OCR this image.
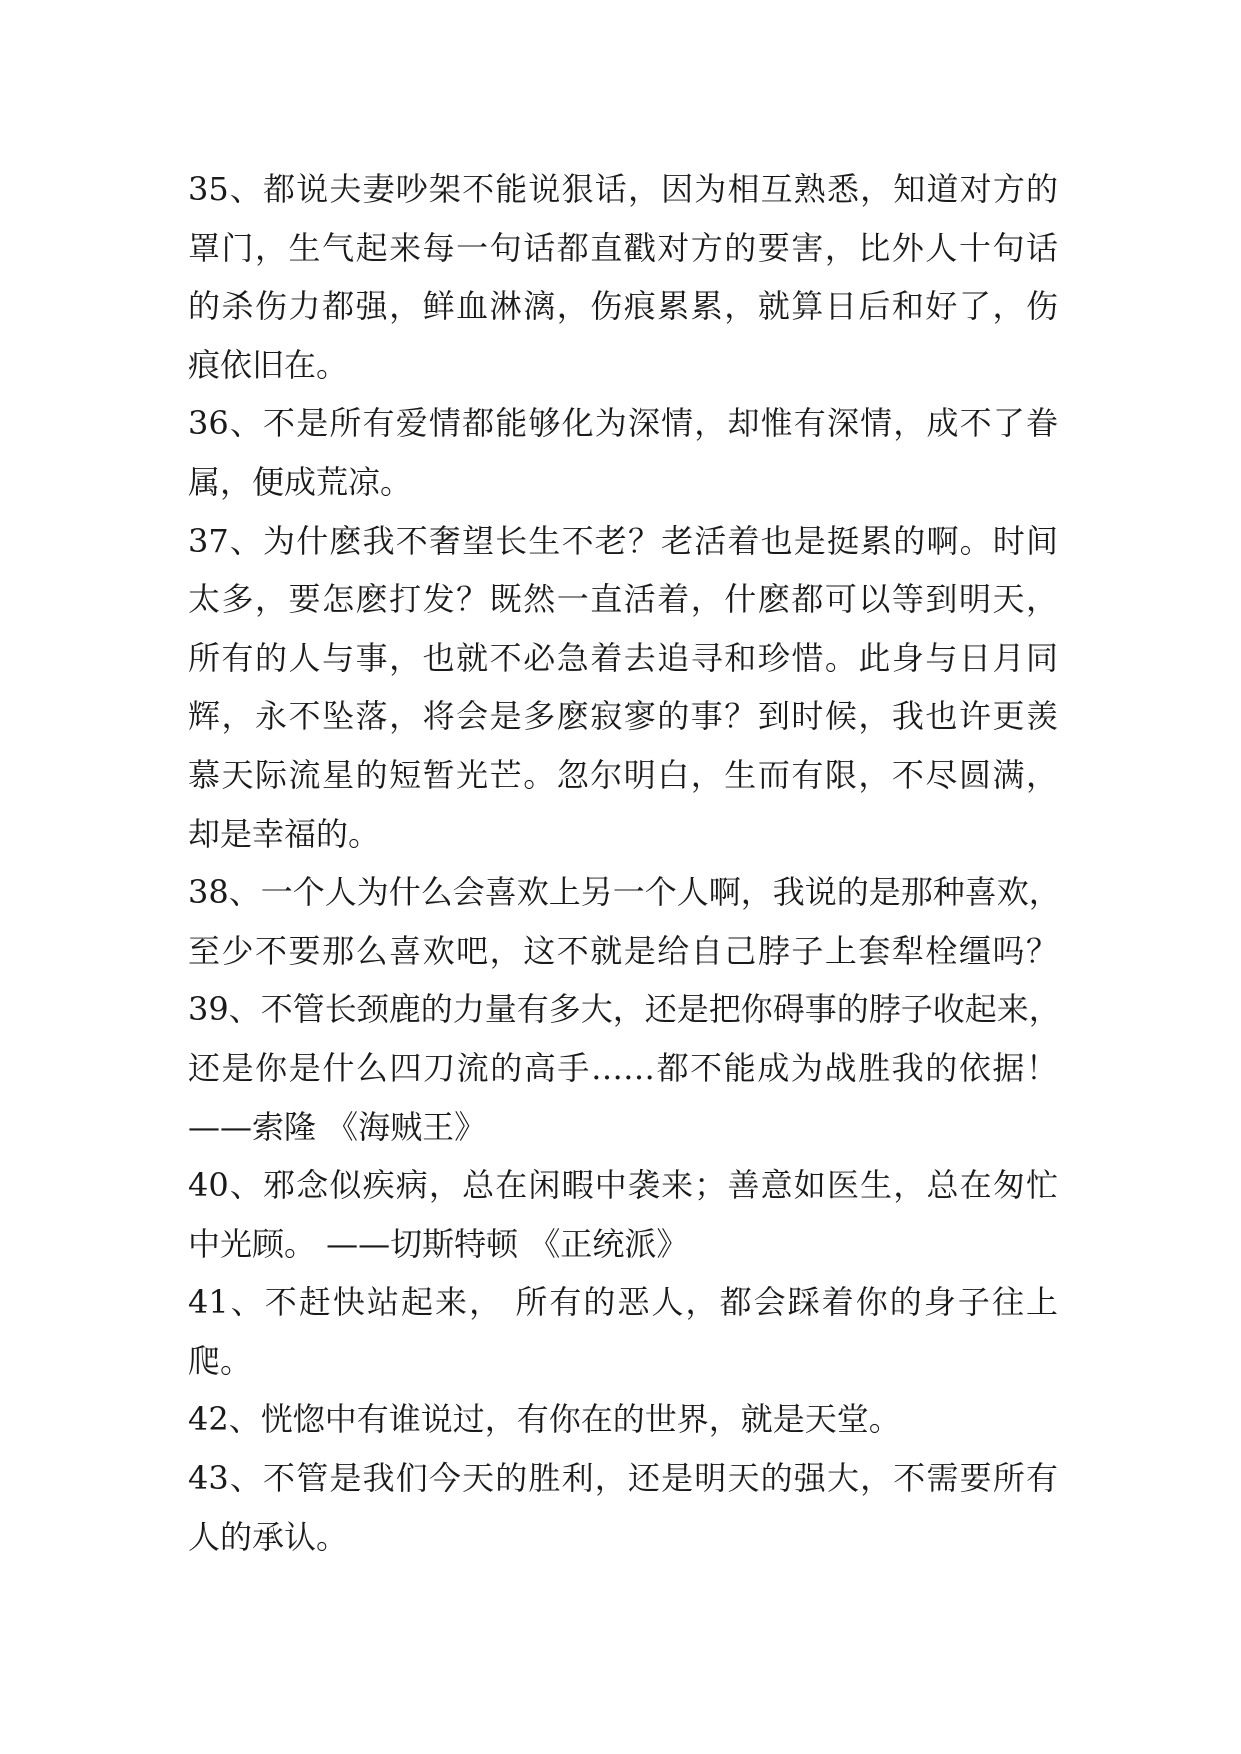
35、都说夫妻吵架不能说狠话，因为相互熟悉，知道对方的
罩门，生气起来每一句话都直戳对方的要害，比外人十句话
的杀伤力都强，鲜血淋漓，伤痕累累，就算日后和好了，伤
痕依旧在。
36、不是所有爱情都能够化为深情，却惟有深情，成不了眷
属，便成荒凉。
37、为什麽我不奢望长生不老？老活着也是挺累的啊。时间
太多，要怎麽打发？既然一直活着，什麽都可以等到明天，
所有的人与事，也就不必急着去追寻和珍惜。此身与日月同
辉，永不坠落，将会是多麽寂寥的事？到时候，我也许更羡
慕天际流星的短暂光芒。忽尔明白，生而有限，不尽圆满，
却是幸福的。
38、一个人为什么会喜欢上另一个人啊，我说的是那种喜欢，
至少不要那么喜欢吧，这不就是给自己脖子上套犁栓缰吗？
39、不管长颈鹿的力量有多大，还是把你碍事的脖子收起来，
还是你是什么四刀流的高手……都不能成为战胜我的依据！
——索隆 《海贼王》
40、邪念似疾病，总在闲暇中袭来；善意如医生，总在匆忙
中光顾。 ——切斯特顿 《正统派》
41、不赶快站起来， 所有的恶人，都会踩着你的身子往上
爬。
42、恍惚中有谁说过，有你在的世界，就是天堂。
43、不管是我们今天的胜利，还是明天的强大，不需要所有
人的承认。
